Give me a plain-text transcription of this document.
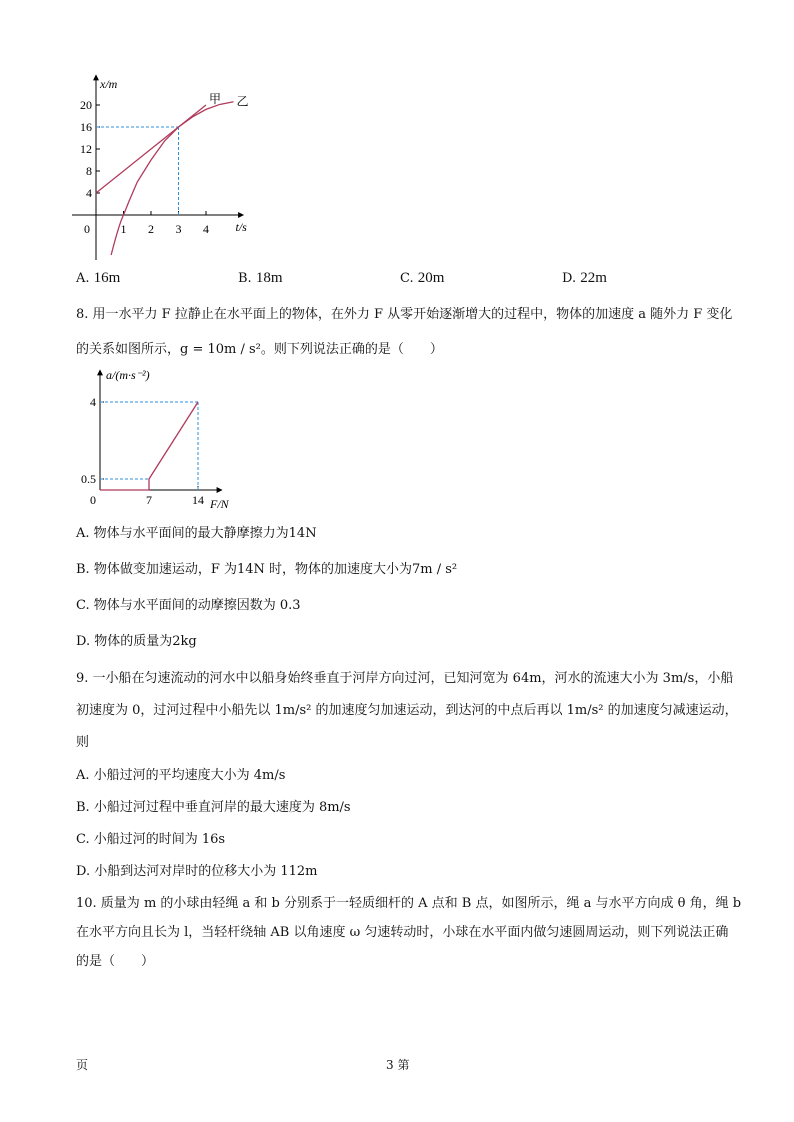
x/m
t/s
0
4
8
12
16
20
1 2 3 4
甲 乙
A. 16m	B. 18m	C. 20m	D. 22m
8. 用一水平力 F 拉静止在水平面上的物体，在外力 F 从零开始逐渐增大的过程中，物体的加速度 a 随外力 F 变化
的关系如图所示，g = 10m / s²。则下列说法正确的是（　　）
a/(m·s⁻²)
F/N
0
0.5
4
7	14
A. 物体与水平面间的最大静摩擦力为14N
B. 物体做变加速运动，F 为14N 时，物体的加速度大小为7m / s²
C. 物体与水平面间的动摩擦因数为 0.3
D. 物体的质量为2kg
9. 一小船在匀速流动的河水中以船身始终垂直于河岸方向过河，已知河宽为 64m，河水的流速大小为 3m/s，小船
初速度为 0，过河过程中小船先以 1m/s² 的加速度匀加速运动，到达河的中点后再以 1m/s² 的加速度匀减速运动，
则
A. 小船过河的平均速度大小为 4m/s
B. 小船过河过程中垂直河岸的最大速度为 8m/s
C. 小船过河的时间为 16s
D. 小船到达河对岸时的位移大小为 112m
10. 质量为 m 的小球由轻绳 a 和 b 分别系于一轻质细杆的 A 点和 B 点，如图所示，绳 a 与水平方向成 θ 角，绳 b
在水平方向且长为 l，当轻杆绕轴 AB 以角速度 ω 匀速转动时，小球在水平面内做匀速圆周运动，则下列说法正确
的是（　　）
页	3 第
